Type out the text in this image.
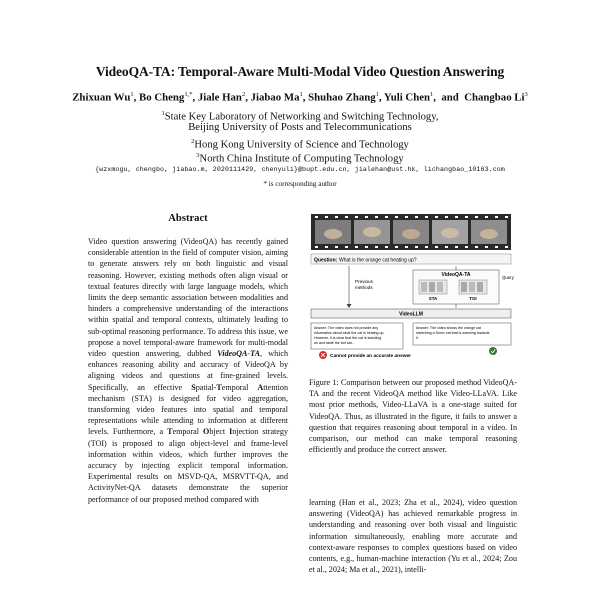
VideoQA-TA: Temporal-Aware Multi-Modal Video Question Answering
Zhixuan Wu$^1$, Bo Cheng$^{1,*}$, Jiale Han$^2$, Jiabao Ma$^1$, Shuhao Zhang$^1$, Yuli Chen$^1$,  and  Changbao Li$^3$
$^1$State Key Laboratory of Networking and Switching Technology,
Beijing University of Posts and Telecommunications
$^2$Hong Kong University of Science and Technology
$^3$North China Institute of Computing Technology
{wzxmogu, chengbo, jiabao.m, 2020111429, chenyuli}@bupt.edu.cn, jialehan@ust.hk, lichangbao_10163.com
* is corresponding author
Abstract
Video question answering (VideoQA) has recently gained considerable attention in the field of computer vision, aiming to generate answers rely on both linguistic and visual reasoning. However, existing methods often align visual or textual features directly with large language models, which limits the deep semantic association between modalities and hinders a comprehensive understanding of the interactions within spatial and temporal contexts, ultimately leading to sub-optimal reasoning performance. To address this issue, we propose a novel temporal-aware framework for multi-modal video question answering, dubbed VideoQA-TA, which enhances reasoning ability and accuracy of VideoQA by aligning videos and questions at fine-grained levels. Specifically, an effective Spatial-Temporal Attention mechanism (STA) is designed for video aggregation, transforming video features into spatial and temporal representations while attending to information at different levels. Furthermore, a Temporal Object Injection strategy (TOI) is proposed to align object-level and frame-level information within videos, which further improves the accuracy by injecting explicit temporal information. Experimental results on MSVD-QA, MSRVTT-QA, and ActivityNet-QA datasets demonstrate the superior performance of our proposed method compared with
Question: What is the orange cat heating up?
Previous
methods
VideoQA-TA
STA	TOI
Query
VideoLLM
Answer: The video does not provide any
information about what the cat is heating up.
However, it is clear that the cat is standing
on and taste the bot sat...
Answer: The video shows the orange cat
stretching a Tomic cat that is warming towards
it.
Cannot provide an accurate answer
Figure 1: Comparison between our proposed method VideoQA-TA and the recent VideoQA method like Video-LLaVA. Like most prior methods, Video-LLaVA is a one-stage suited for VideoQA. Thus, as illustrated in the figure, it fails to answer a question that requires reasoning about temporal in a video. In comparison, our method can make temporal reasoning efficiently and produce the correct answer.
learning (Han et al., 2023; Zha et al., 2024), video question answering (VideoQA) has achieved remarkable progress in understanding and reasoning over both visual and linguistic information simultaneously, enabling more accurate and context-aware responses to complex questions based on video contents, e.g., human-machine interaction (Yu et al., 2024; Zou et al., 2024; Ma et al., 2021), intelli-
